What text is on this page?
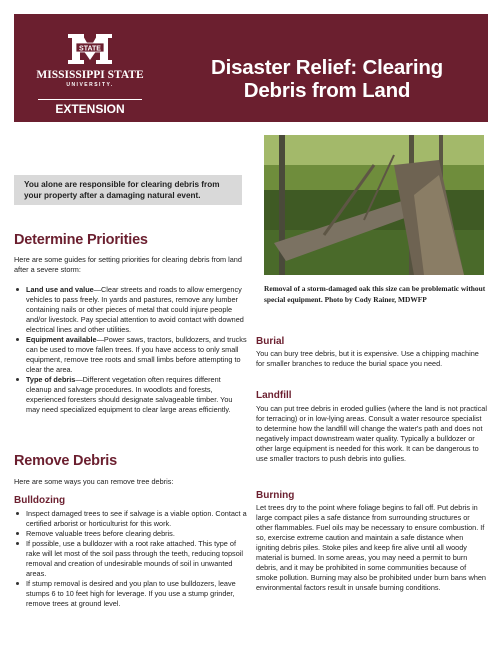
STATE
MISSISSIPPI STATE
UNIVERSITY.
EXTENSION
Disaster Relief: Clearing
Debris from Land
You alone are responsible for clearing debris from your property after a damaging natural event.
Removal of a storm-damaged oak this size can be problematic without special equipment. Photo by Cody Rainer, MDWFP
Determine Priorities

Here are some guides for setting priorities for clearing debris from land after a severe storm:

Land use and value—Clear streets and roads to allow emergency vehicles to pass freely. In yards and pastures, remove any lumber containing nails or other pieces of metal that could injure people and/or livestock. Pay special attention to avoid contact with downed electrical lines and other utilities.
Equipment available—Power saws, tractors, bulldozers, and trucks can be used to move fallen trees. If you have access to only small equipment, remove tree roots and small limbs before attempting to clear the area.
Type of debris—Different vegetation often requires different cleanup and salvage procedures. In woodlots and forests, experienced foresters should designate salvageable timber. You may need specialized equipment to clear large areas efficiently.
Remove Debris

Here are some ways you can remove tree debris:

Bulldozing
Inspect damaged trees to see if salvage is a viable option. Contact a certified arborist or horticulturist for this work.
Remove valuable trees before clearing debris.
If possible, use a bulldozer with a root rake attached. This type of rake will let most of the soil pass through the teeth, reducing topsoil removal and creation of undesirable mounds of soil in unwanted areas.
If stump removal is desired and you plan to use bulldozers, leave stumps 6 to 10 feet high for leverage. If you use a stump grinder, remove trees at ground level.
Burial

You can bury tree debris, but it is expensive. Use a chipping machine for smaller branches to reduce the burial space you need.

Landfill

You can put tree debris in eroded gullies (where the land is not practical for terracing) or in low-lying areas. Consult a water resource specialist to determine how the landfill will change the water's path and does not negatively impact downstream water quality. Typically a bulldozer or other large equipment is needed for this work. It can be dangerous to use smaller tractors to push debris into gullies.

Burning

Let trees dry to the point where foliage begins to fall off. Put debris in large compact piles a safe distance from surrounding structures or other flammables. Fuel oils may be necessary to ensure combustion. If so, exercise extreme caution and maintain a safe distance when igniting debris piles. Stoke piles and keep fire alive until all woody material is burned. In some areas, you may need a permit to burn debris, and it may be prohibited in some communities because of smoke pollution. Burning may also be prohibited under burn bans when environmental factors result in unsafe burning conditions.
